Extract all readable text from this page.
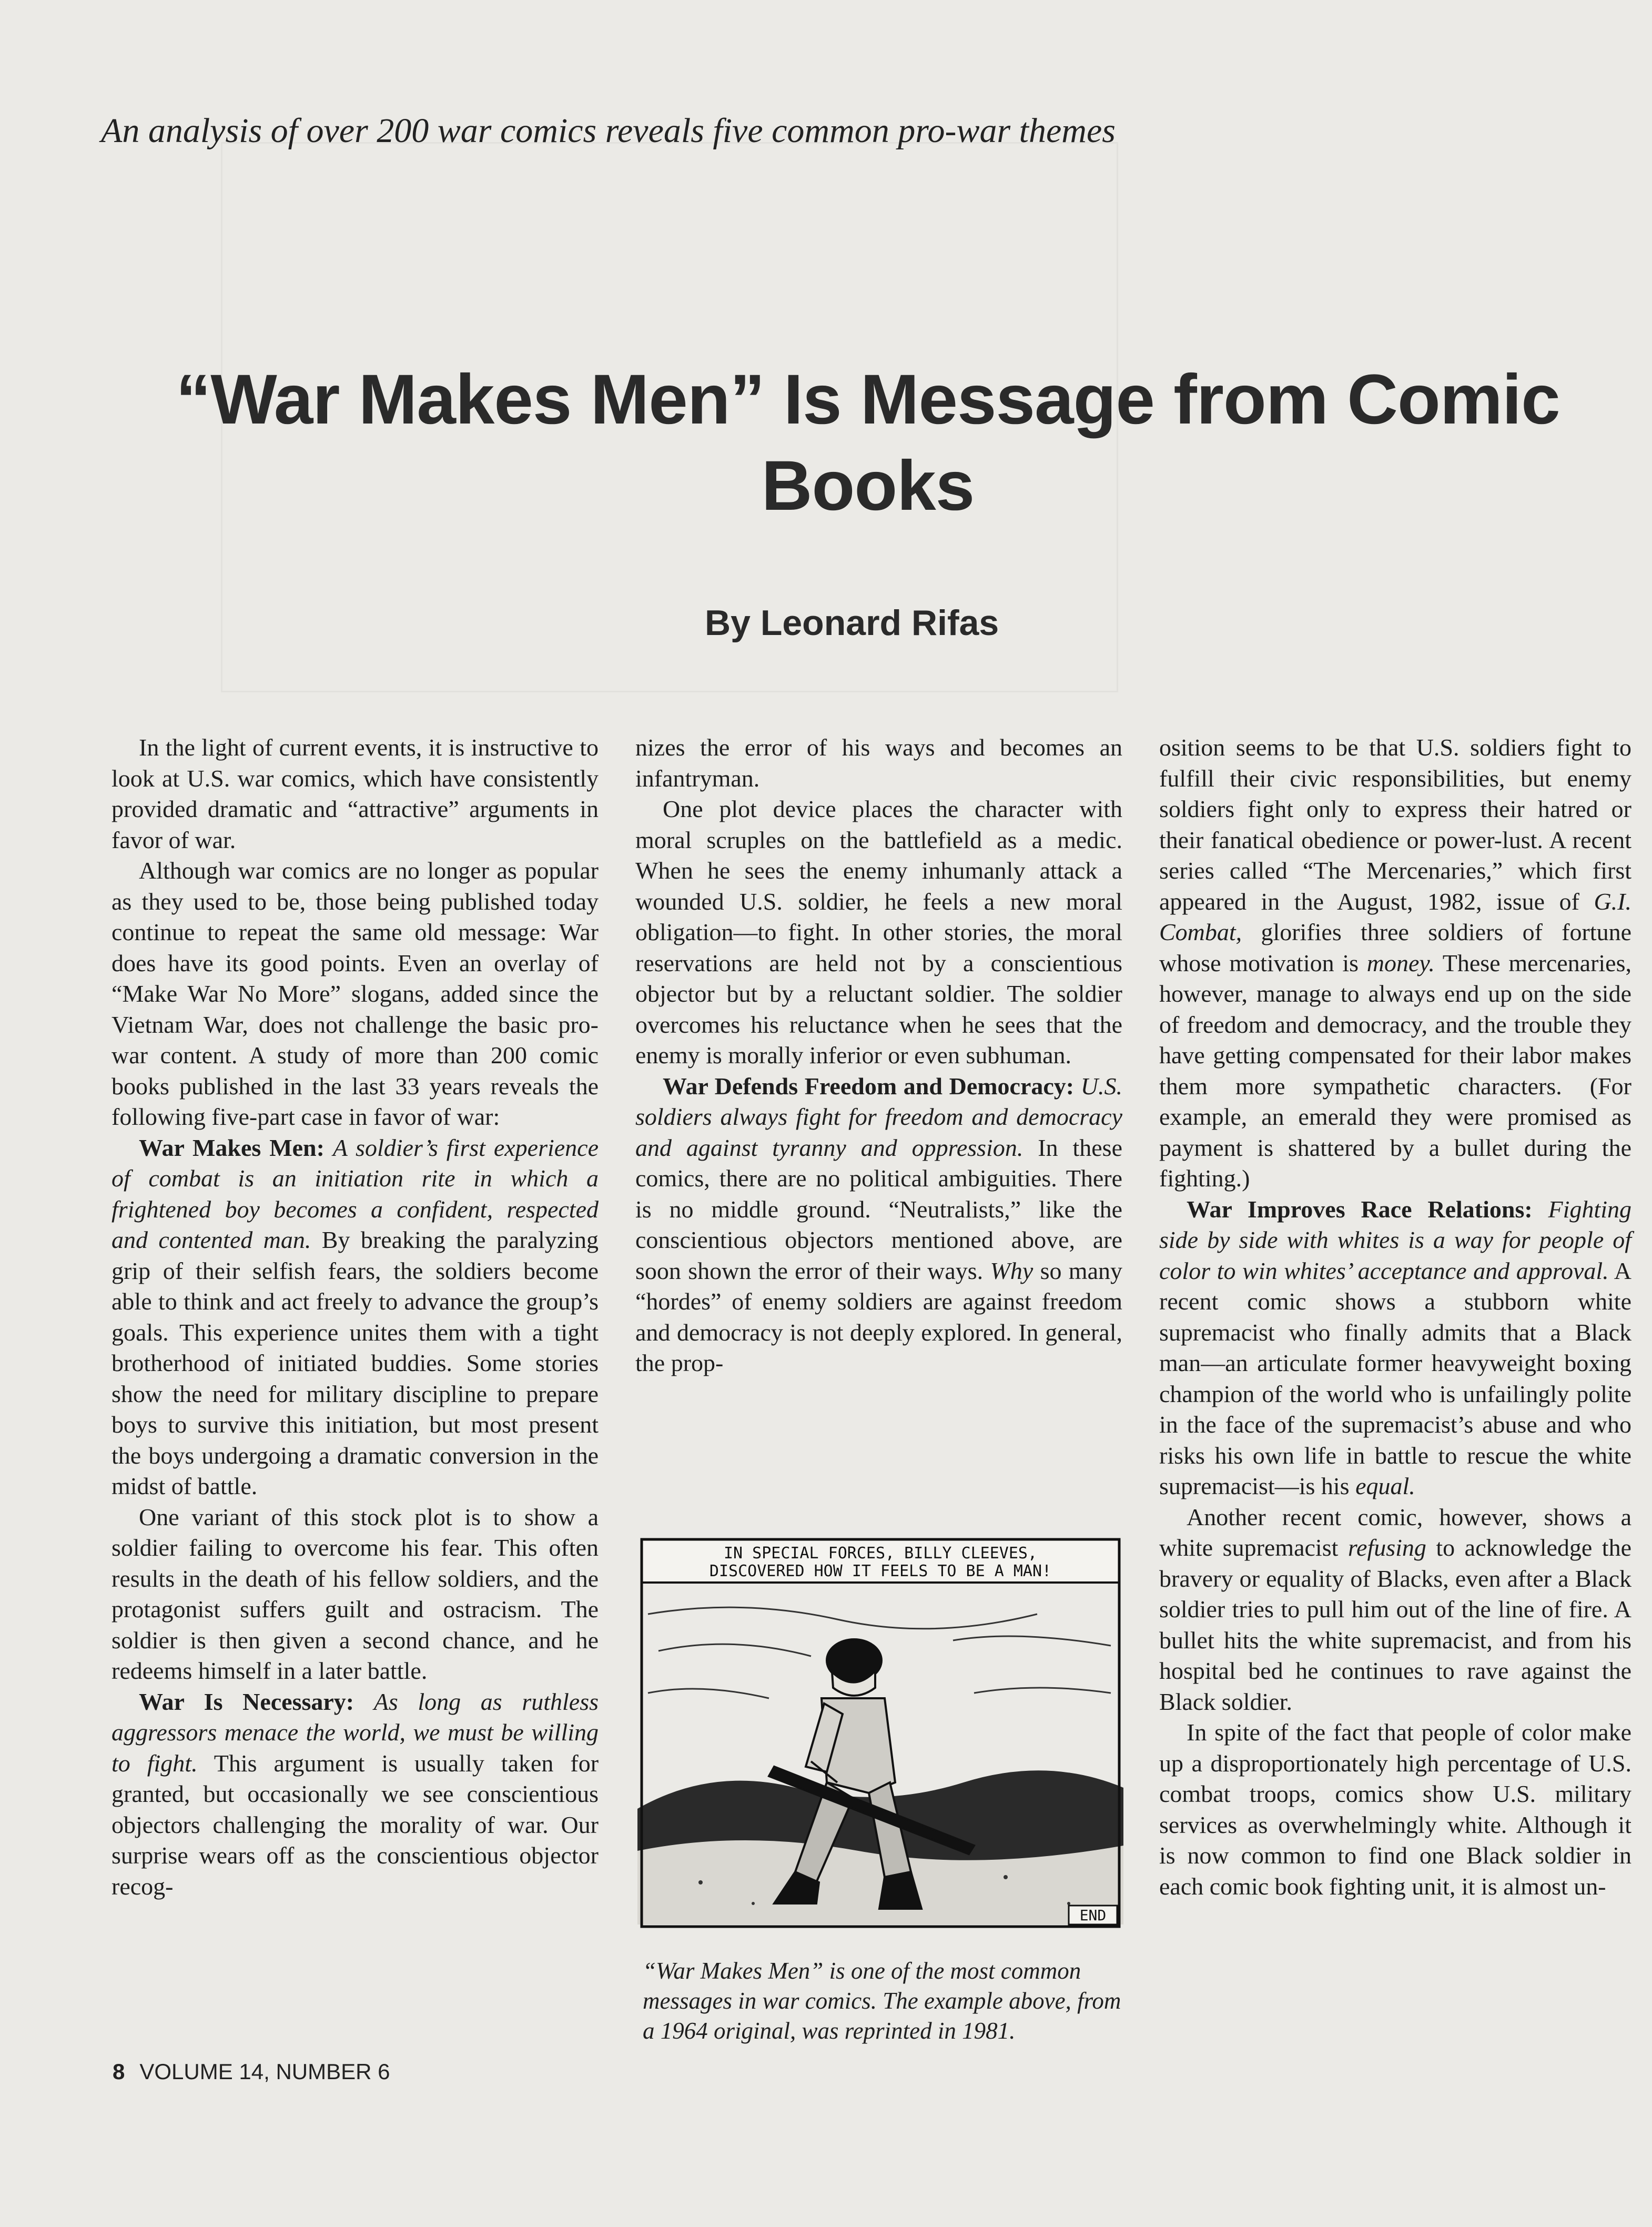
An analysis of over 200 war comics reveals five common pro-war themes
“War Makes Men” Is Message from Comic Books
By Leonard Rifas

In the light of current events, it is instructive to look at U.S. war comics, which have consistently provided dramatic and “attractive” arguments in favor of war.

Although war comics are no longer as popular as they used to be, those being published today continue to repeat the same old message: War does have its good points. Even an overlay of “Make War No More” slogans, added since the Vietnam War, does not challenge the basic pro-war content. A study of more than 200 comic books published in the last 33 years reveals the following five-part case in favor of war:

War Makes Men: A soldier’s first experience of combat is an initiation rite in which a frightened boy becomes a confident, respected and contented man. By breaking the paralyzing grip of their selfish fears, the soldiers become able to think and act freely to advance the group’s goals. This experience unites them with a tight brotherhood of initiated buddies. Some stories show the need for military discipline to prepare boys to survive this initiation, but most present the boys undergoing a dramatic conversion in the midst of battle.

One variant of this stock plot is to show a soldier failing to overcome his fear. This often results in the death of his fellow soldiers, and the protagonist suffers guilt and ostracism. The soldier is then given a second chance, and he redeems himself in a later battle.

War Is Necessary: As long as ruthless aggressors menace the world, we must be willing to fight. This argument is usually taken for granted, but occasionally we see conscientious objectors challenging the morality of war. Our surprise wears off as the conscientious objector recog-

nizes the error of his ways and becomes an infantryman.

One plot device places the character with moral scruples on the battlefield as a medic. When he sees the enemy inhumanly attack a wounded U.S. soldier, he feels a new moral obligation—to fight. In other stories, the moral reservations are held not by a conscientious objector but by a reluctant soldier. The soldier overcomes his reluctance when he sees that the enemy is morally inferior or even subhuman.

War Defends Freedom and Democracy: U.S. soldiers always fight for freedom and democracy and against tyranny and oppression. In these comics, there are no political ambiguities. There is no middle ground. “Neutralists,” like the conscientious objectors mentioned above, are soon shown the error of their ways. Why so many “hordes” of enemy soldiers are against freedom and democracy is not deeply explored. In general, the prop-

IN SPECIAL FORCES, BILLY CLEEVES,
DISCOVERED HOW IT FEELS TO BE A MAN!
END
“War Makes Men” is one of the most common messages in war comics. The example above, from a 1964 original, was reprinted in 1981.

osition seems to be that U.S. soldiers fight to fulfill their civic responsibilities, but enemy soldiers fight only to express their hatred or their fanatical obedience or power-lust. A recent series called “The Mercenaries,” which first appeared in the August, 1982, issue of G.I. Combat, glorifies three soldiers of fortune whose motivation is money. These mercenaries, however, manage to always end up on the side of freedom and democracy, and the trouble they have getting compensated for their labor makes them more sympathetic characters. (For example, an emerald they were promised as payment is shattered by a bullet during the fighting.)

War Improves Race Relations: Fighting side by side with whites is a way for people of color to win whites’ acceptance and approval. A recent comic shows a stubborn white supremacist who finally admits that a Black man—an articulate former heavyweight boxing champion of the world who is unfailingly polite in the face of the supremacist’s abuse and who risks his own life in battle to rescue the white supremacist—is his equal.

Another recent comic, however, shows a white supremacist refusing to acknowledge the bravery or equality of Blacks, even after a Black soldier tries to pull him out of the line of fire. A bullet hits the white supremacist, and from his hospital bed he continues to rave against the Black soldier.

In spite of the fact that people of color make up a disproportionately high percentage of U.S. combat troops, comics show U.S. military services as overwhelmingly white. Although it is now common to find one Black soldier in each comic book fighting unit, it is almost un-

8 VOLUME 14, NUMBER 6
